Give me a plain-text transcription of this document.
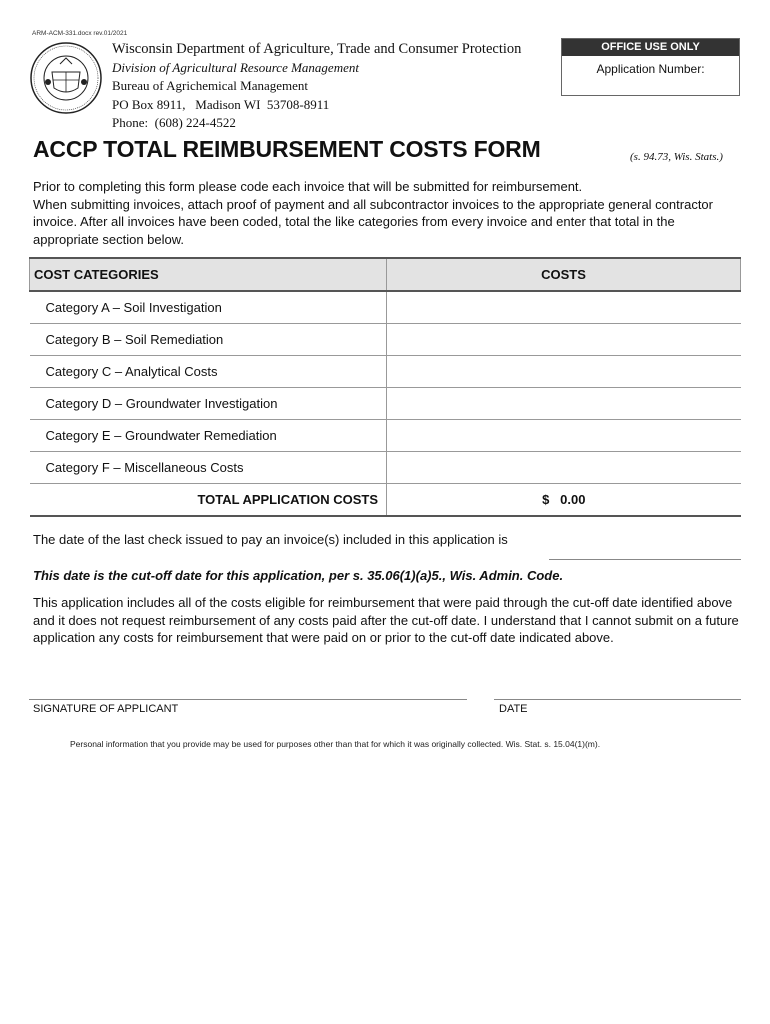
ARM-ACM-331.docx rev.01/2021
Wisconsin Department of Agriculture, Trade and Consumer Protection
Division of Agricultural Resource Management
Bureau of Agrichemical Management
PO Box 8911,   Madison WI  53708-8911
Phone:  (608) 224-4522
OFFICE USE ONLY
Application Number:
ACCP TOTAL REIMBURSEMENT COSTS FORM	(s. 94.73, Wis. Stats.)

Prior to completing this form please code each invoice that will be submitted for reimbursement.

When submitting invoices, attach proof of payment and all subcontractor invoices to the appropriate general contractor invoice. After all invoices have been coded, total the like categories from every invoice and enter that total in the appropriate section below.

COST CATEGORIES	COSTS
Category A – Soil Investigation	
Category B – Soil Remediation	
Category C – Analytical Costs	
Category D – Groundwater Investigation	
Category E – Groundwater Remediation	
Category F – Miscellaneous Costs	
TOTAL APPLICATION COSTS	$   0.00
The date of the last check issued to pay an invoice(s) included in this application is
This date is the cut-off date for this application, per s. 35.06(1)(a)5., Wis. Admin. Code.
This application includes all of the costs eligible for reimbursement that were paid through the cut-off date identified above and it does not request reimbursement of any costs paid after the cut-off date. I understand that I cannot submit on a future application any costs for reimbursement that were paid on or prior to the cut-off date indicated above.
SIGNATURE OF APPLICANT	DATE
Personal information that you provide may be used for purposes other than that for which it was originally collected. Wis. Stat. s. 15.04(1)(m).
